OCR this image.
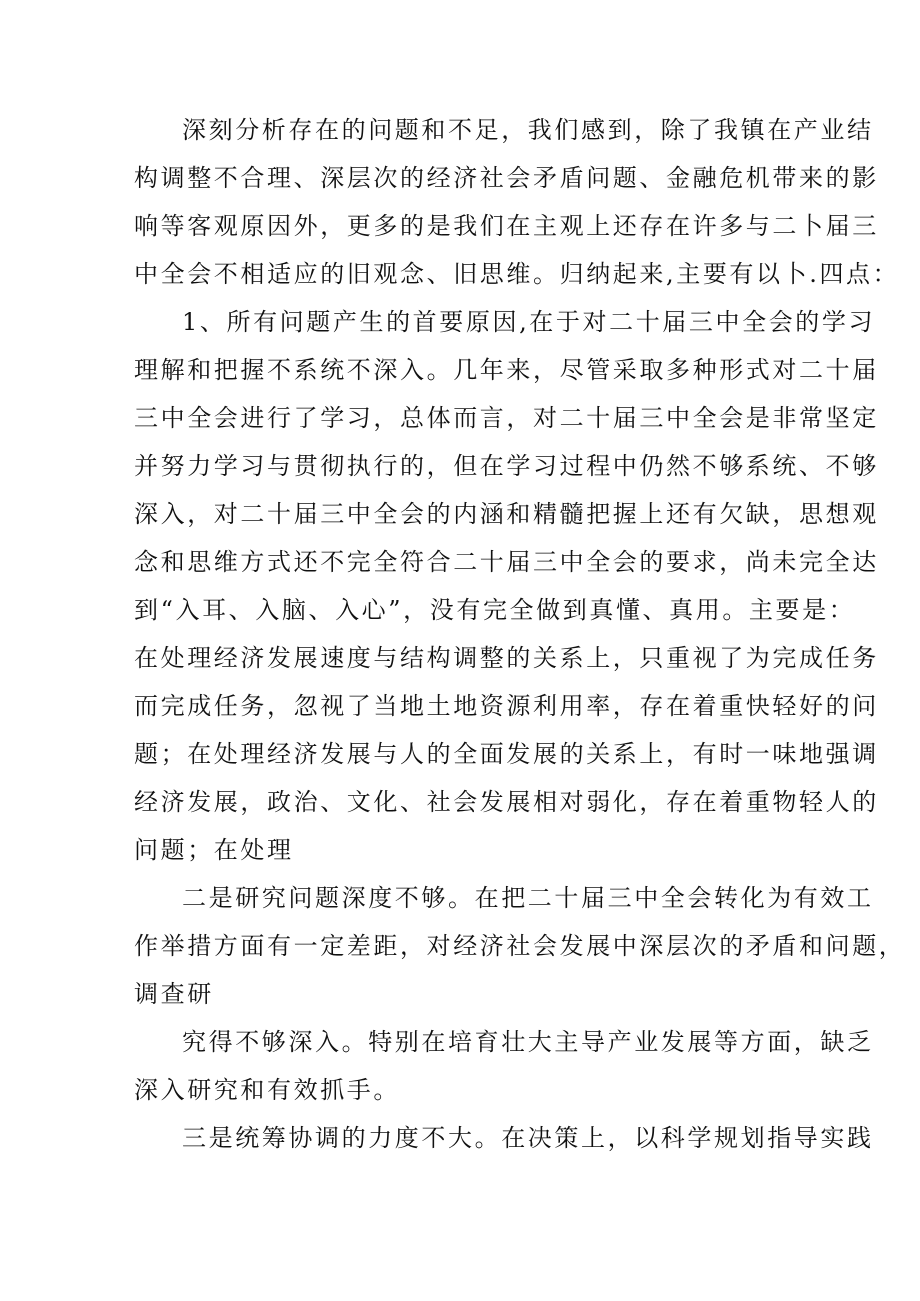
深刻分析存在的问题和不足，我们感到，除了我镇在产业结

构调整不合理、深层次的经济社会矛盾问题、金融危机带来的影

响等客观原因外，更多的是我们在主观上还存在许多与二卜届三

中全会不相适应的旧观念、旧思维。归纳起来,主要有以卜.四点：

1、所有问题产生的首要原因,在于对二十届三中全会的学习

理解和把握不系统不深入。几年来，尽管采取多种形式对二十届

三中全会进行了学习，总体而言，对二十届三中全会是非常坚定

并努力学习与贯彻执行的，但在学习过程中仍然不够系统、不够

深入，对二十届三中全会的内涵和精髓把握上还有欠缺，思想观

念和思维方式还不完全符合二十届三中全会的要求，尚未完全达

到“入耳、入脑、入心”，没有完全做到真懂、真用。主要是：

在处理经济发展速度与结构调整的关系上，只重视了为完成任务

而完成任务，忽视了当地土地资源利用率，存在着重快轻好的问

题；在处理经济发展与人的全面发展的关系上，有时一味地强调

经济发展，政治、文化、社会发展相对弱化，存在着重物轻人的

问题；在处理

二是研究问题深度不够。在把二十届三中全会转化为有效工

作举措方面有一定差距，对经济社会发展中深层次的矛盾和问题，

调查研

究得不够深入。特别在培育壮大主导产业发展等方面，缺乏

深入研究和有效抓手。

三是统筹协调的力度不大。在决策上，以科学规划指导实践
